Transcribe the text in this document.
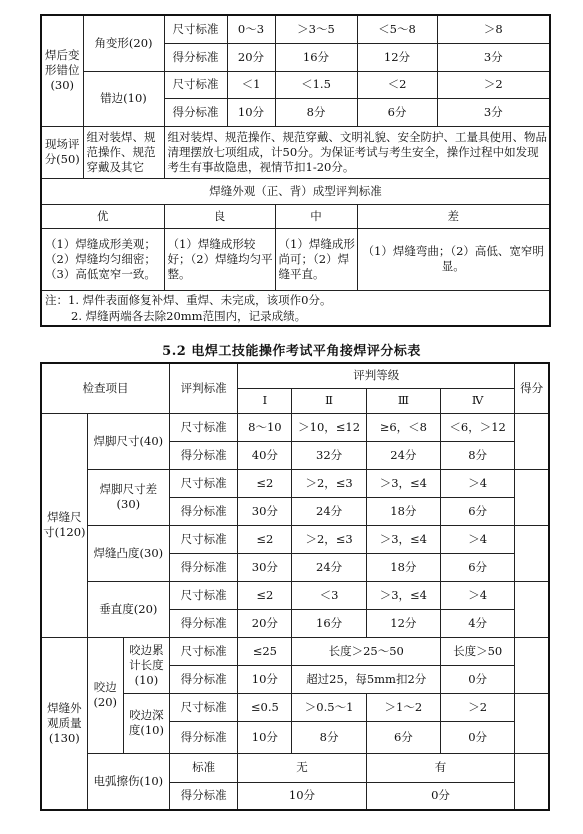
焊后变形错位(30)	角变形(20)	尺寸标准	0～3	＞3～5	＜5～8	＞8
		得分标准	20分	16分	12分	3分
	错边(10)	尺寸标准	＜1	＜1.5	＜2	＞2
		得分标准	10分	8分	6分	3分
现场评分(50)	组对装焊、规范操作、规范穿戴及其它	组对装焊、规范操作、规范穿戴、文明礼貌、安全防护、工量具使用、物品清理摆放七项组成，计50分。为保证考试与考生安全，操作过程中如发现考生有事故隐患，视情节扣1-20分。				
焊缝外观（正、背）成型评判标准						
优		良		中	差	
（1）焊缝成形美观；（2）焊缝均匀细密；（3）高低宽窄一致。		（1）焊缝成形较好；（2）焊缝均匀平整。		（1）焊缝成形尚可；（2）焊缝平直。	（1）焊缝弯曲；（2）高低、宽窄明显。	

注：1. 焊件表面修复补焊、重焊、未完成，该项作0分。
2. 焊缝两端各去除20mm范围内，记录成绩。						
5.2 电焊工技能操作考试平角接焊评分标表
检查项目			评判标准	评判等级				得分
				Ⅰ	Ⅱ	Ⅲ	Ⅳ	
焊缝尺寸(120)	焊脚尺寸(40)		尺寸标准	8～10	＞10，≤12	≥6，＜8	＜6，＞12	
			得分标准	40分	32分	24分	8分	
	焊脚尺寸差(30)		尺寸标准	≤2	＞2，≤3	＞3，≤4	＞4	
			得分标准	30分	24分	18分	6分	
	焊缝凸度(30)		尺寸标准	≤2	＞2，≤3	＞3，≤4	＞4	
			得分标准	30分	24分	18分	6分	
	垂直度(20)		尺寸标准	≤2	＜3	＞3，≤4	＞4	
			得分标准	20分	16分	12分	4分	
焊缝外观质量(130)	咬边(20)	咬边累计长度(10)	尺寸标准	≤25	长度＞25～50		长度＞50	
			得分标准	10分	超过25，每5mm扣2分		0分	
		咬边深度(10)	尺寸标准	≤0.5	＞0.5～1	＞1～2	＞2	
			得分标准	10分	8分	6分	0分	
	电弧擦伤(10)		标准	无		有		
			得分标准	10分		0分		
